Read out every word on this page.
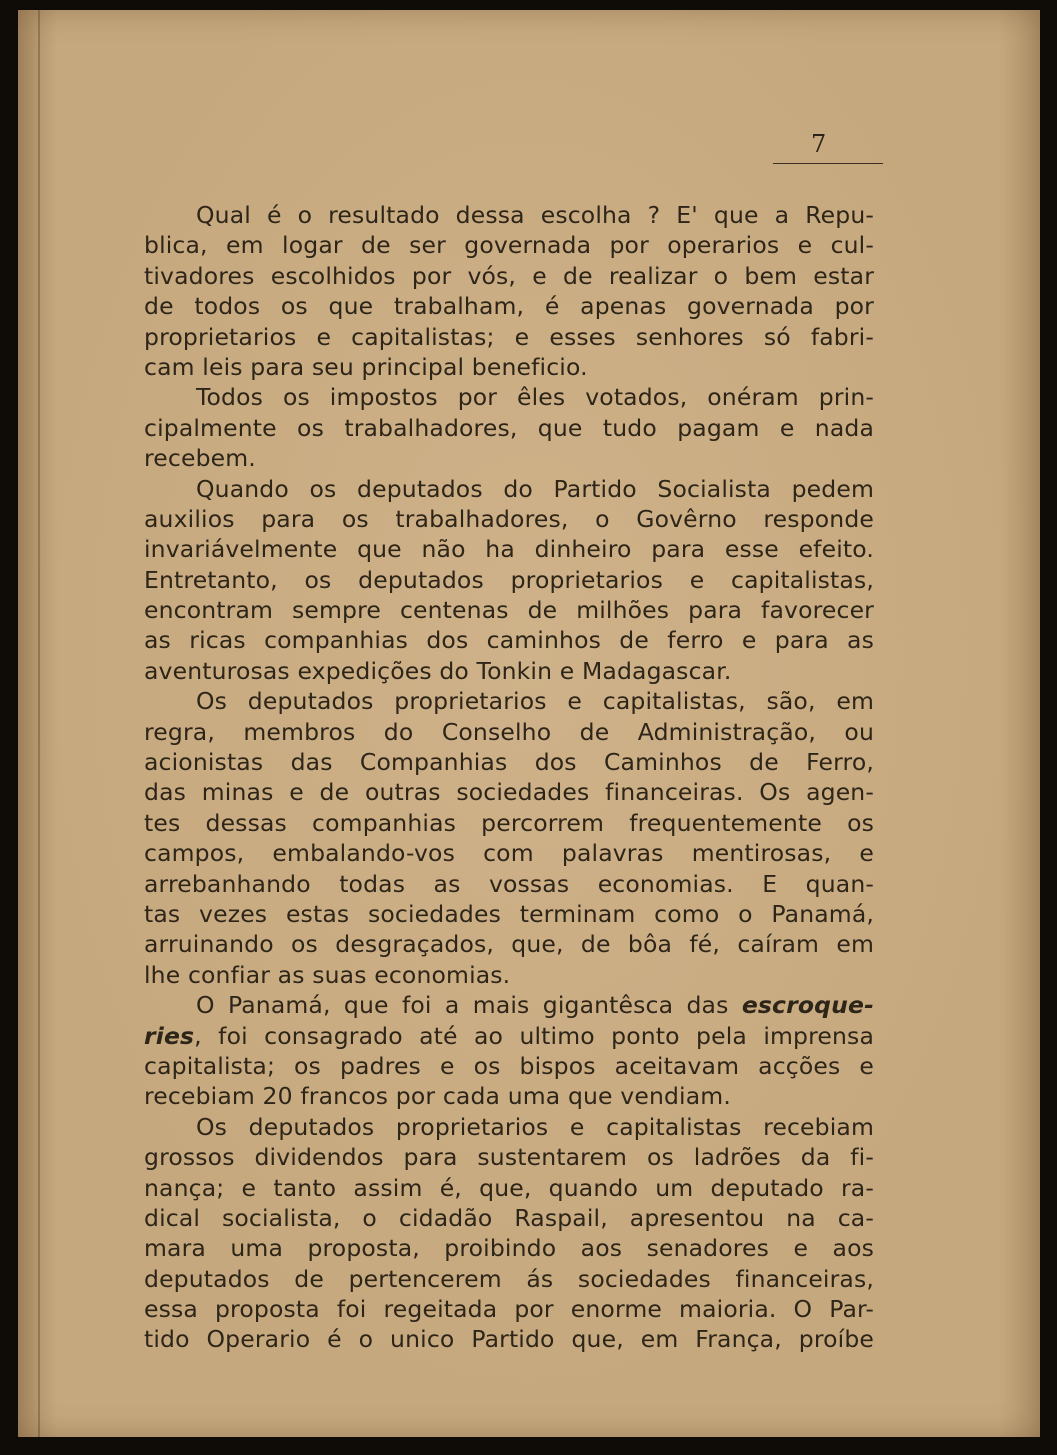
7
Qual é o resultado dessa escolha ? E' que a Repu-
blica, em logar de ser governada por operarios e cul-
tivadores escolhidos por vós, e de realizar o bem estar
de todos os que trabalham, é apenas governada por
proprietarios e capitalistas; e esses senhores só fabri-
cam leis para seu principal beneficio.
Todos os impostos por êles votados, onéram prin-
cipalmente os trabalhadores, que tudo pagam e nada
recebem.
Quando os deputados do Partido Socialista pedem
auxilios para os trabalhadores, o Govêrno responde
invariávelmente que não ha dinheiro para esse efeito.
Entretanto, os deputados proprietarios e capitalistas,
encontram sempre centenas de milhões para favorecer
as ricas companhias dos caminhos de ferro e para as
aventurosas expedições do Tonkin e Madagascar.
Os deputados proprietarios e capitalistas, são, em
regra, membros do Conselho de Administração, ou
acionistas das Companhias dos Caminhos de Ferro,
das minas e de outras sociedades financeiras. Os agen-
tes dessas companhias percorrem frequentemente os
campos, embalando-vos com palavras mentirosas, e
arrebanhando todas as vossas economias. E quan-
tas vezes estas sociedades terminam como o Panamá,
arruinando os desgraçados, que, de bôa fé, caíram em
lhe confiar as suas economias.
O Panamá, que foi a mais gigantêsca das escroque-
ries, foi consagrado até ao ultimo ponto pela imprensa
capitalista; os padres e os bispos aceitavam acções e
recebiam 20 francos por cada uma que vendiam.
Os deputados proprietarios e capitalistas recebiam
grossos dividendos para sustentarem os ladrões da fi-
nança; e tanto assim é, que, quando um deputado ra-
dical socialista, o cidadão Raspail, apresentou na ca-
mara uma proposta, proibindo aos senadores e aos
deputados de pertencerem ás sociedades financeiras,
essa proposta foi regeitada por enorme maioria. O Par-
tido Operario é o unico Partido que, em França, proíbe
